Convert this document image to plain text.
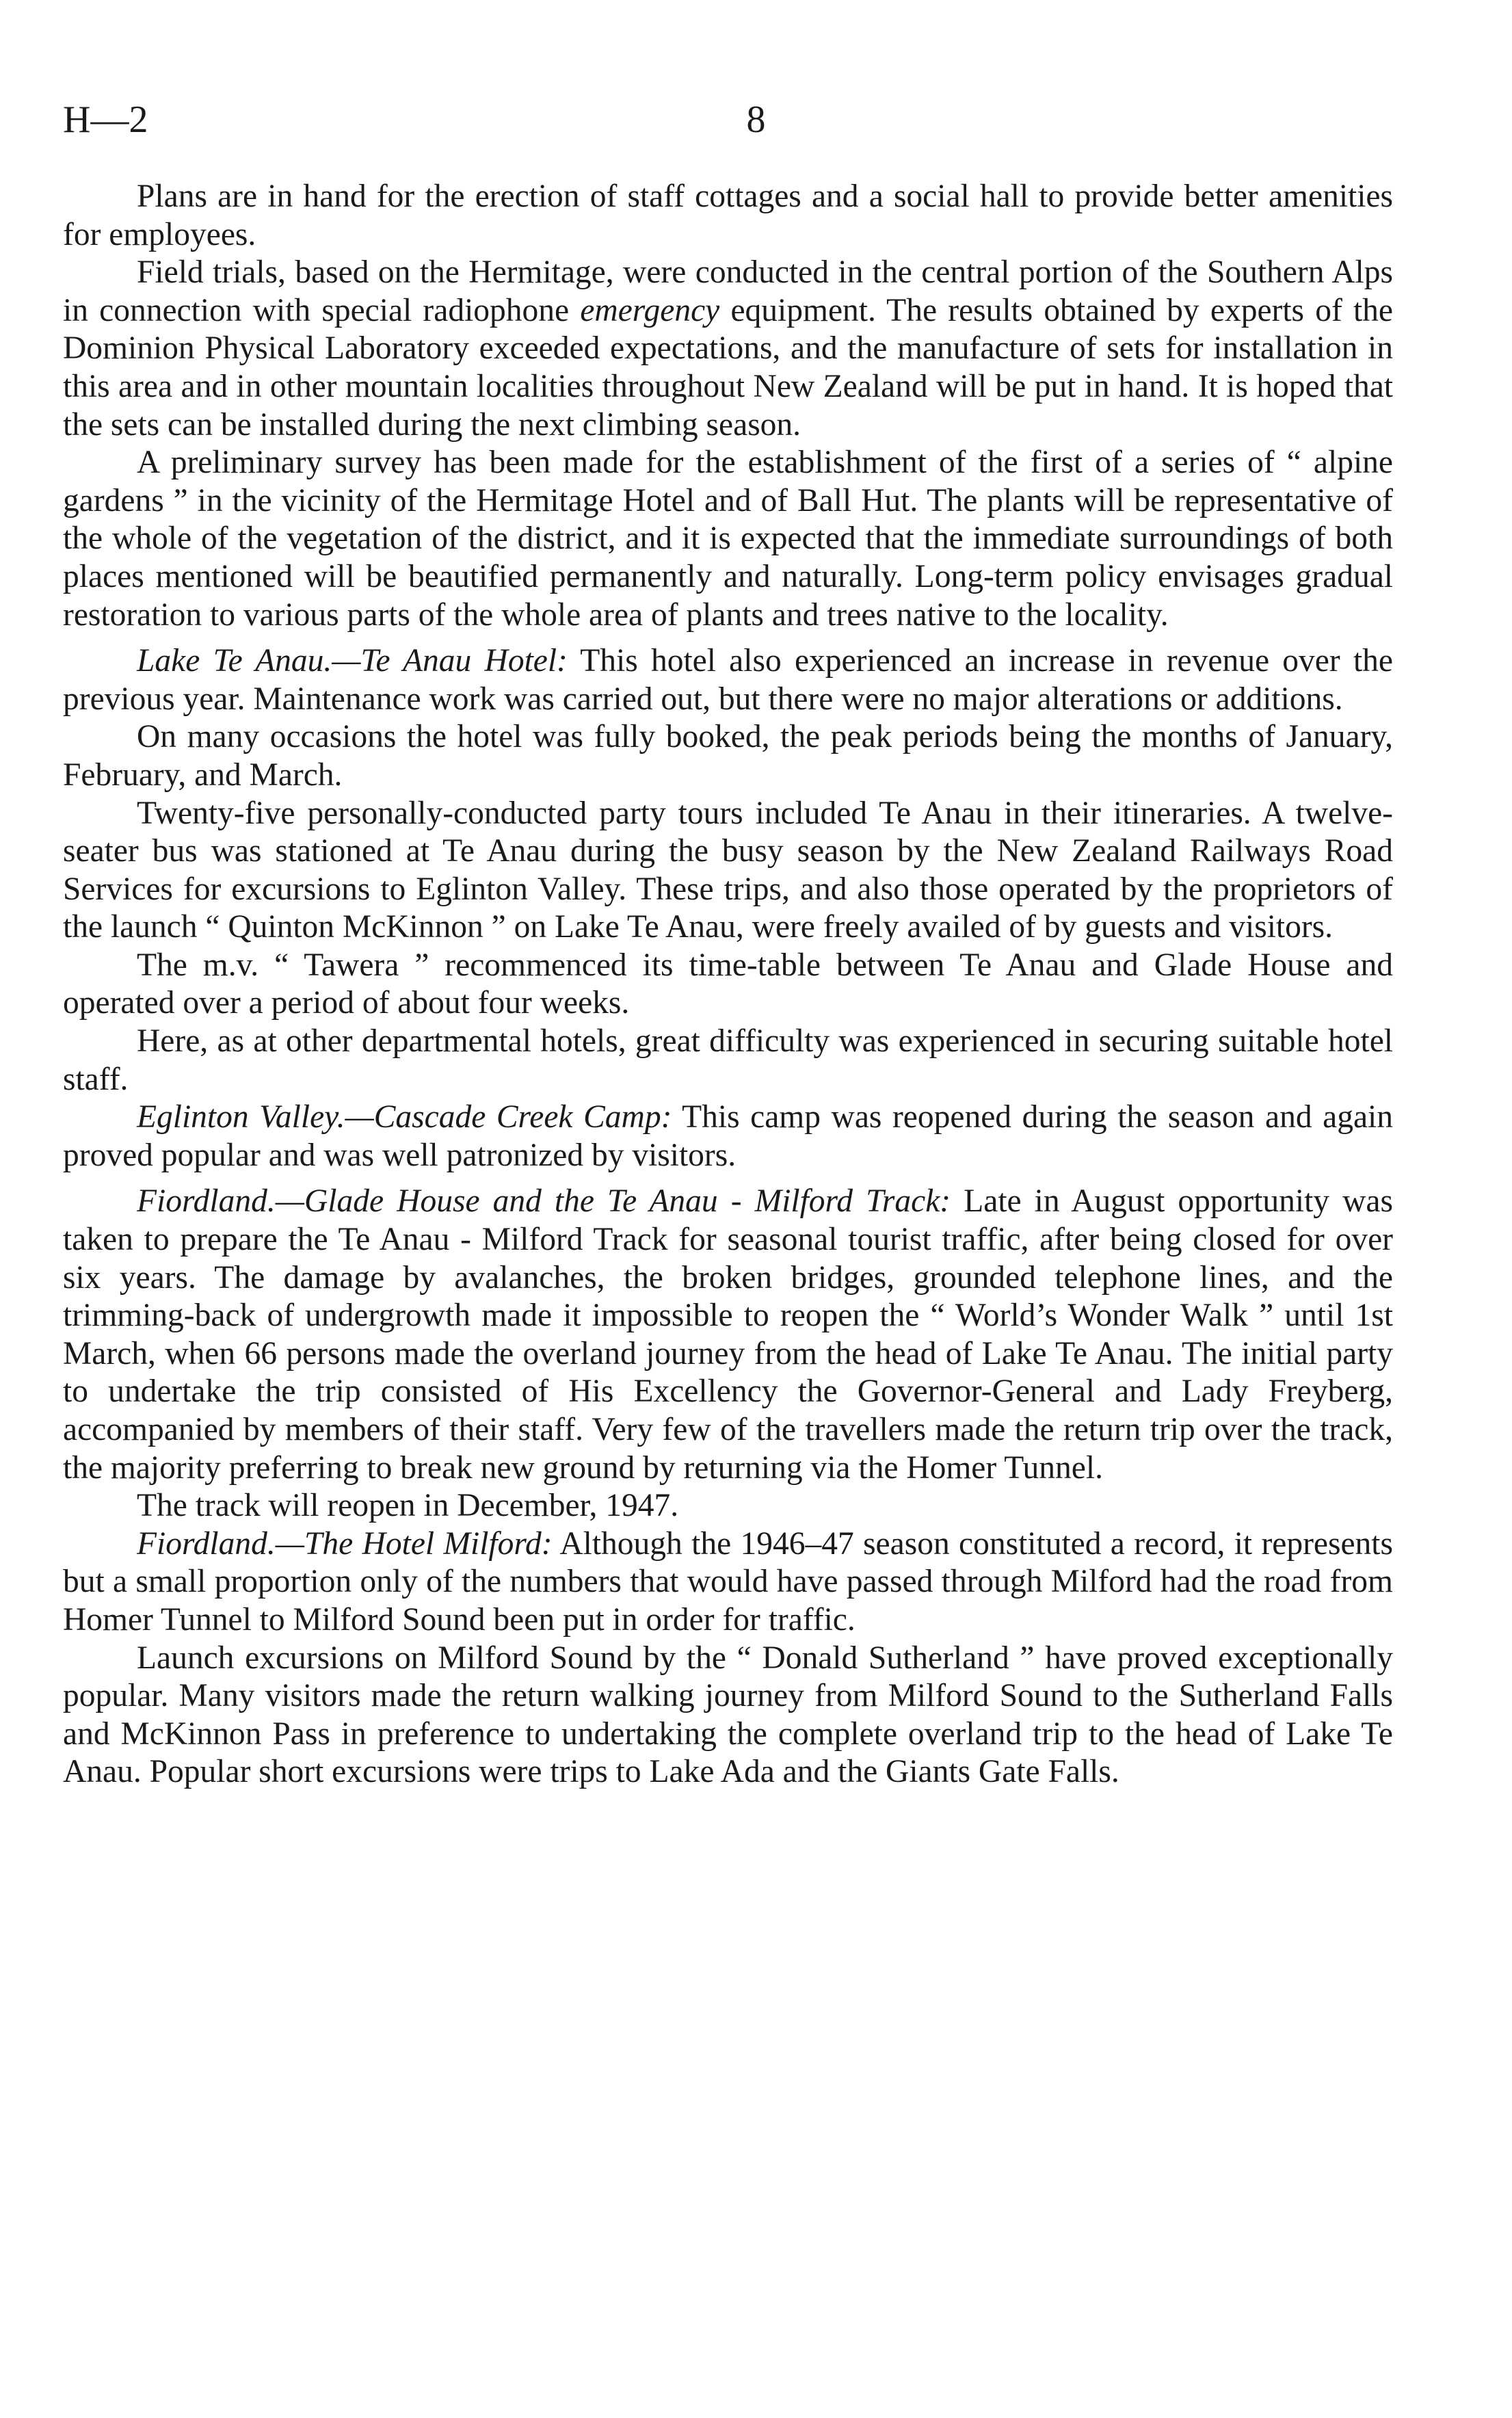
H—2	8

Plans are in hand for the erection of staff cottages and a social hall to provide better amenities for employees.

Field trials, based on the Hermitage, were conducted in the central portion of the Southern Alps in connection with special radiophone emergency equipment. The results obtained by experts of the Dominion Physical Laboratory exceeded expectations, and the manufacture of sets for installation in this area and in other mountain localities throughout New Zealand will be put in hand. It is hoped that the sets can be installed during the next climbing season.

A preliminary survey has been made for the establishment of the first of a series of “ alpine gardens ” in the vicinity of the Hermitage Hotel and of Ball Hut. The plants will be representative of the whole of the vegetation of the district, and it is expected that the immediate surroundings of both places mentioned will be beautified permanently and naturally. Long-term policy envisages gradual restoration to various parts of the whole area of plants and trees native to the locality.

Lake Te Anau.—Te Anau Hotel: This hotel also experienced an increase in revenue over the previous year. Maintenance work was carried out, but there were no major alterations or additions.

On many occasions the hotel was fully booked, the peak periods being the months of January, February, and March.

Twenty-five personally-conducted party tours included Te Anau in their itineraries. A twelve-seater bus was stationed at Te Anau during the busy season by the New Zealand Railways Road Services for excursions to Eglinton Valley. These trips, and also those operated by the proprietors of the launch “ Quinton McKinnon ” on Lake Te Anau, were freely availed of by guests and visitors.

The m.v. “ Tawera ” recommenced its time-table between Te Anau and Glade House and operated over a period of about four weeks.

Here, as at other departmental hotels, great difficulty was experienced in securing suitable hotel staff.

Eglinton Valley.—Cascade Creek Camp: This camp was reopened during the season and again proved popular and was well patronized by visitors.

Fiordland.—Glade House and the Te Anau - Milford Track: Late in August opportunity was taken to prepare the Te Anau - Milford Track for seasonal tourist traffic, after being closed for over six years. The damage by avalanches, the broken bridges, grounded telephone lines, and the trimming-back of undergrowth made it impossible to reopen the “ World’s Wonder Walk ” until 1st March, when 66 persons made the overland journey from the head of Lake Te Anau. The initial party to undertake the trip consisted of His Excellency the Governor-General and Lady Freyberg, accompanied by members of their staff. Very few of the travellers made the return trip over the track, the majority preferring to break new ground by returning via the Homer Tunnel.

The track will reopen in December, 1947.

Fiordland.—The Hotel Milford: Although the 1946–47 season constituted a record, it represents but a small proportion only of the numbers that would have passed through Milford had the road from Homer Tunnel to Milford Sound been put in order for traffic.

Launch excursions on Milford Sound by the “ Donald Sutherland ” have proved exceptionally popular. Many visitors made the return walking journey from Milford Sound to the Sutherland Falls and McKinnon Pass in preference to undertaking the complete overland trip to the head of Lake Te Anau. Popular short excursions were trips to Lake Ada and the Giants Gate Falls.
